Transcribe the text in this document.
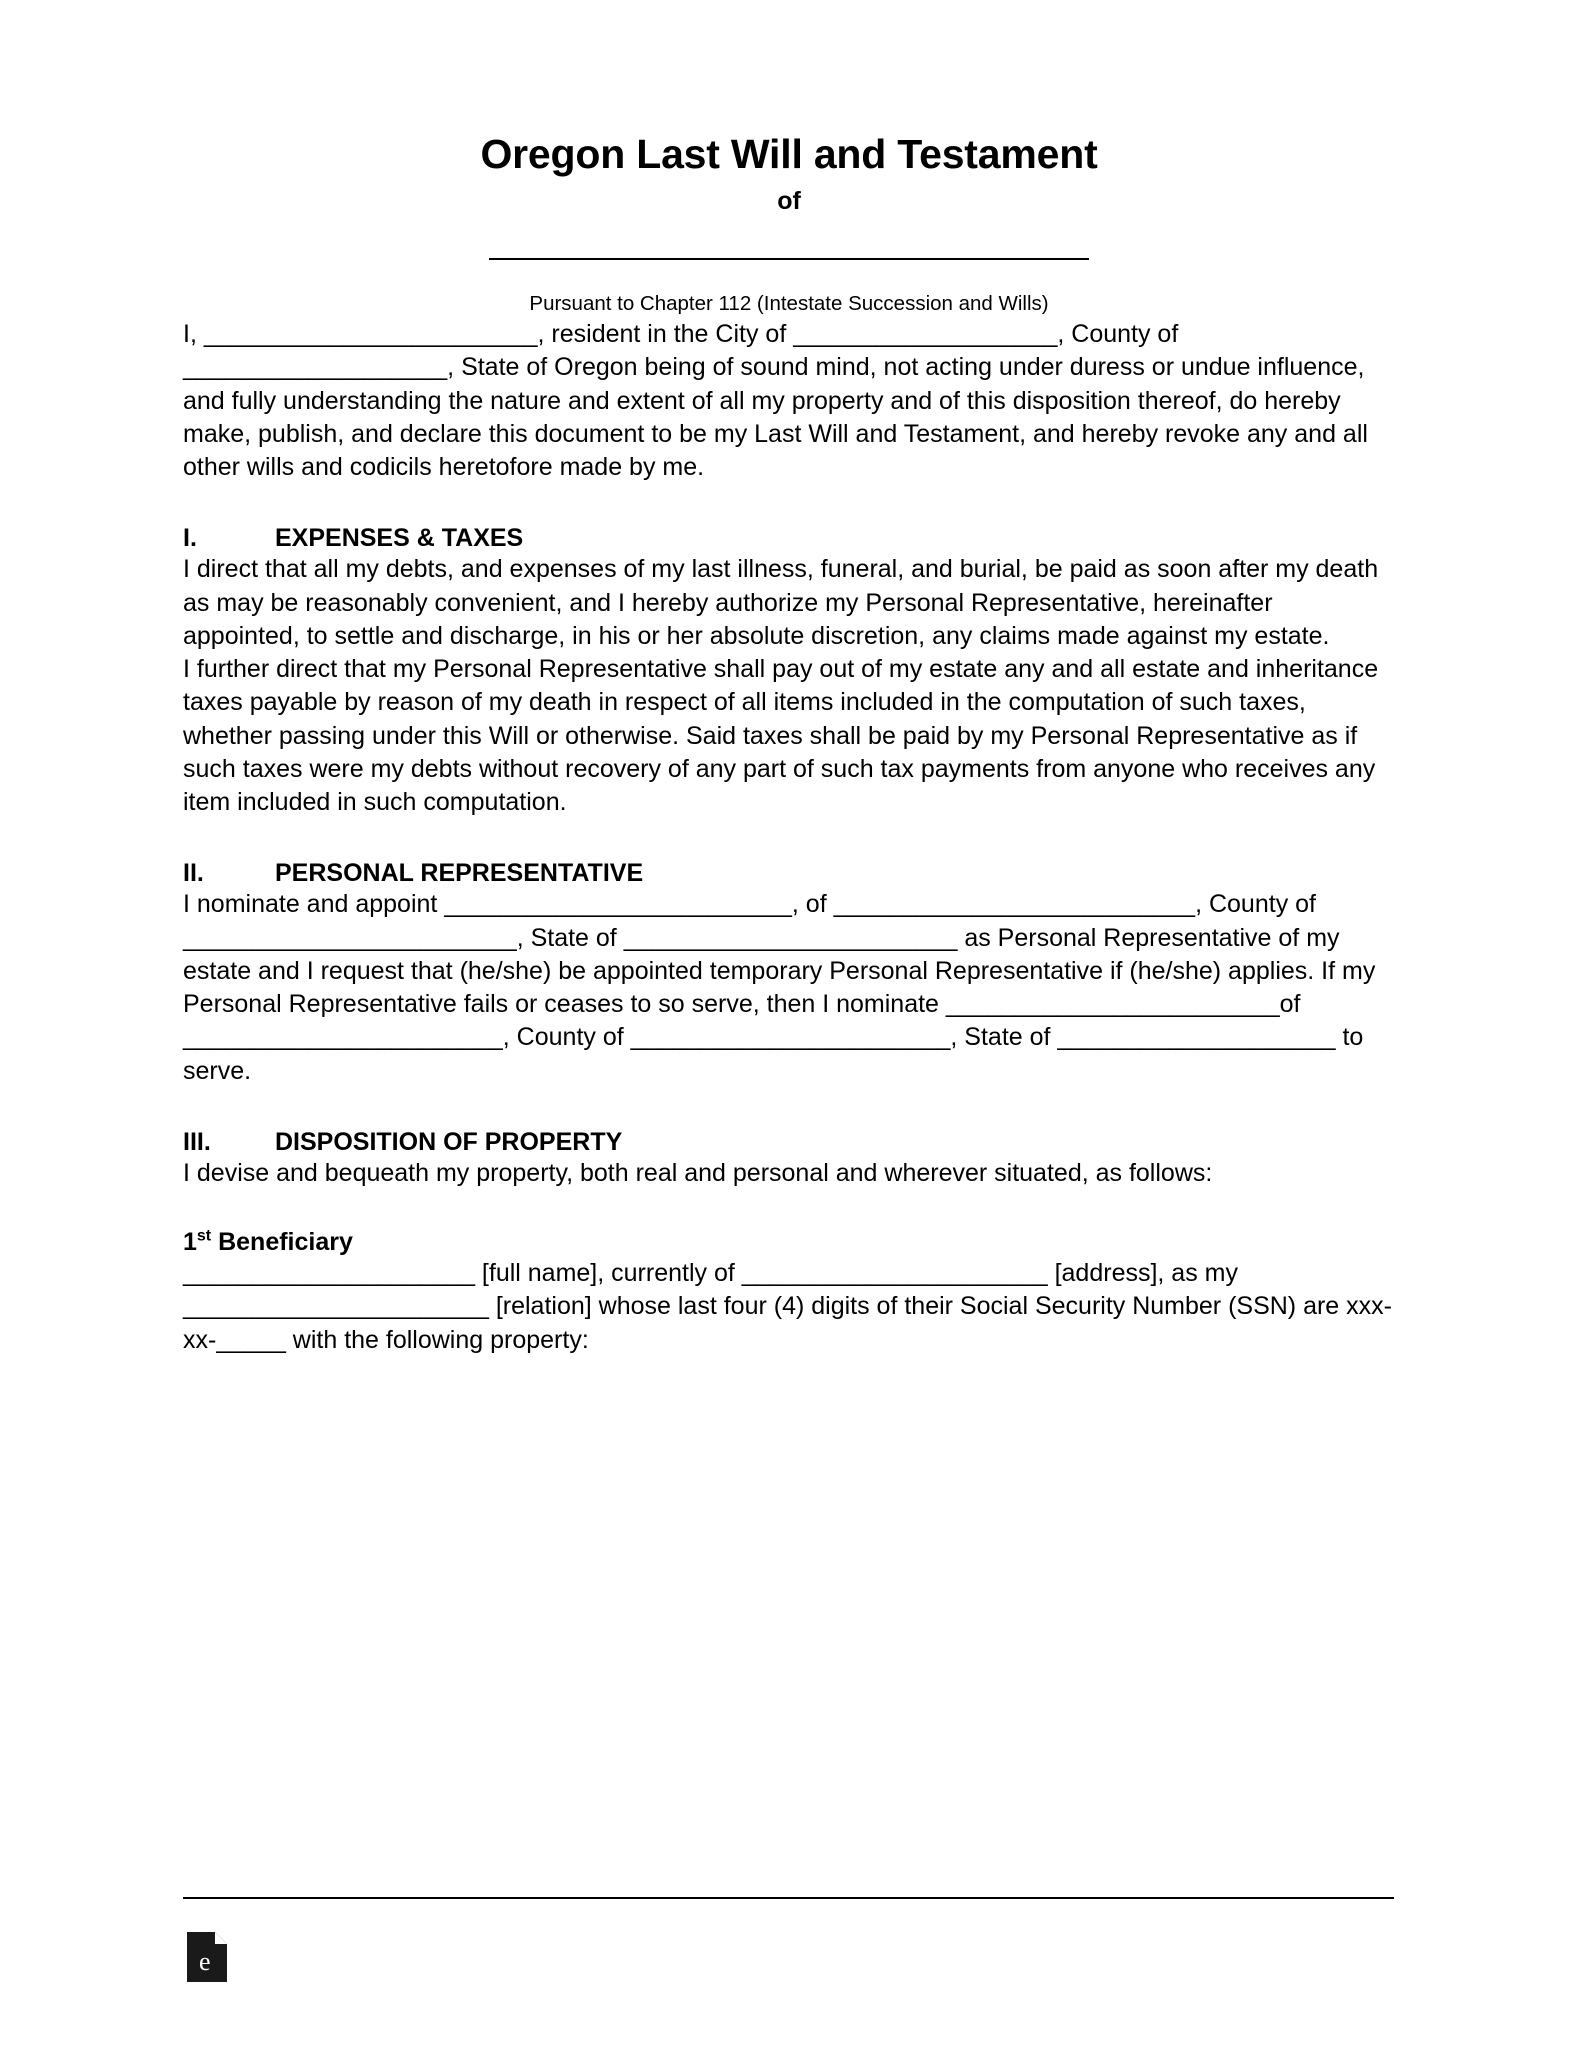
Oregon Last Will and Testament
of
Pursuant to Chapter 112 (Intestate Succession and Wills)

I, ________________________, resident in the City of ___________________, County of ___________________, State of Oregon being of sound mind, not acting under duress or undue influence, and fully understanding the nature and extent of all my property and of this disposition thereof, do hereby make, publish, and declare this document to be my Last Will and Testament, and hereby revoke any and all other wills and codicils heretofore made by me.

I.	EXPENSES & TAXES

I direct that all my debts, and expenses of my last illness, funeral, and burial, be paid as soon after my death as may be reasonably convenient, and I hereby authorize my Personal Representative, hereinafter appointed, to settle and discharge, in his or her absolute discretion, any claims made against my estate.

I further direct that my Personal Representative shall pay out of my estate any and all estate and inheritance taxes payable by reason of my death in respect of all items included in the computation of such taxes, whether passing under this Will or otherwise. Said taxes shall be paid by my Personal Representative as if such taxes were my debts without recovery of any part of such tax payments from anyone who receives any item included in such computation.

II.	PERSONAL REPRESENTATIVE

I nominate and appoint _________________________, of __________________________, County of ________________________, State of ________________________ as Personal Representative of my estate and I request that (he/she) be appointed temporary Personal Representative if (he/she) applies. If my Personal Representative fails or ceases to so serve, then I nominate ________________________of _______________________, County of _______________________, State of ____________________ to serve.

III.	DISPOSITION OF PROPERTY

I devise and bequeath my property, both real and personal and wherever situated, as follows:

1st Beneficiary

_____________________ [full name], currently of ______________________ [address], as my ______________________ [relation] whose last four (4) digits of their Social Security Number (SSN) are xxx-xx-_____ with the following property:

e
